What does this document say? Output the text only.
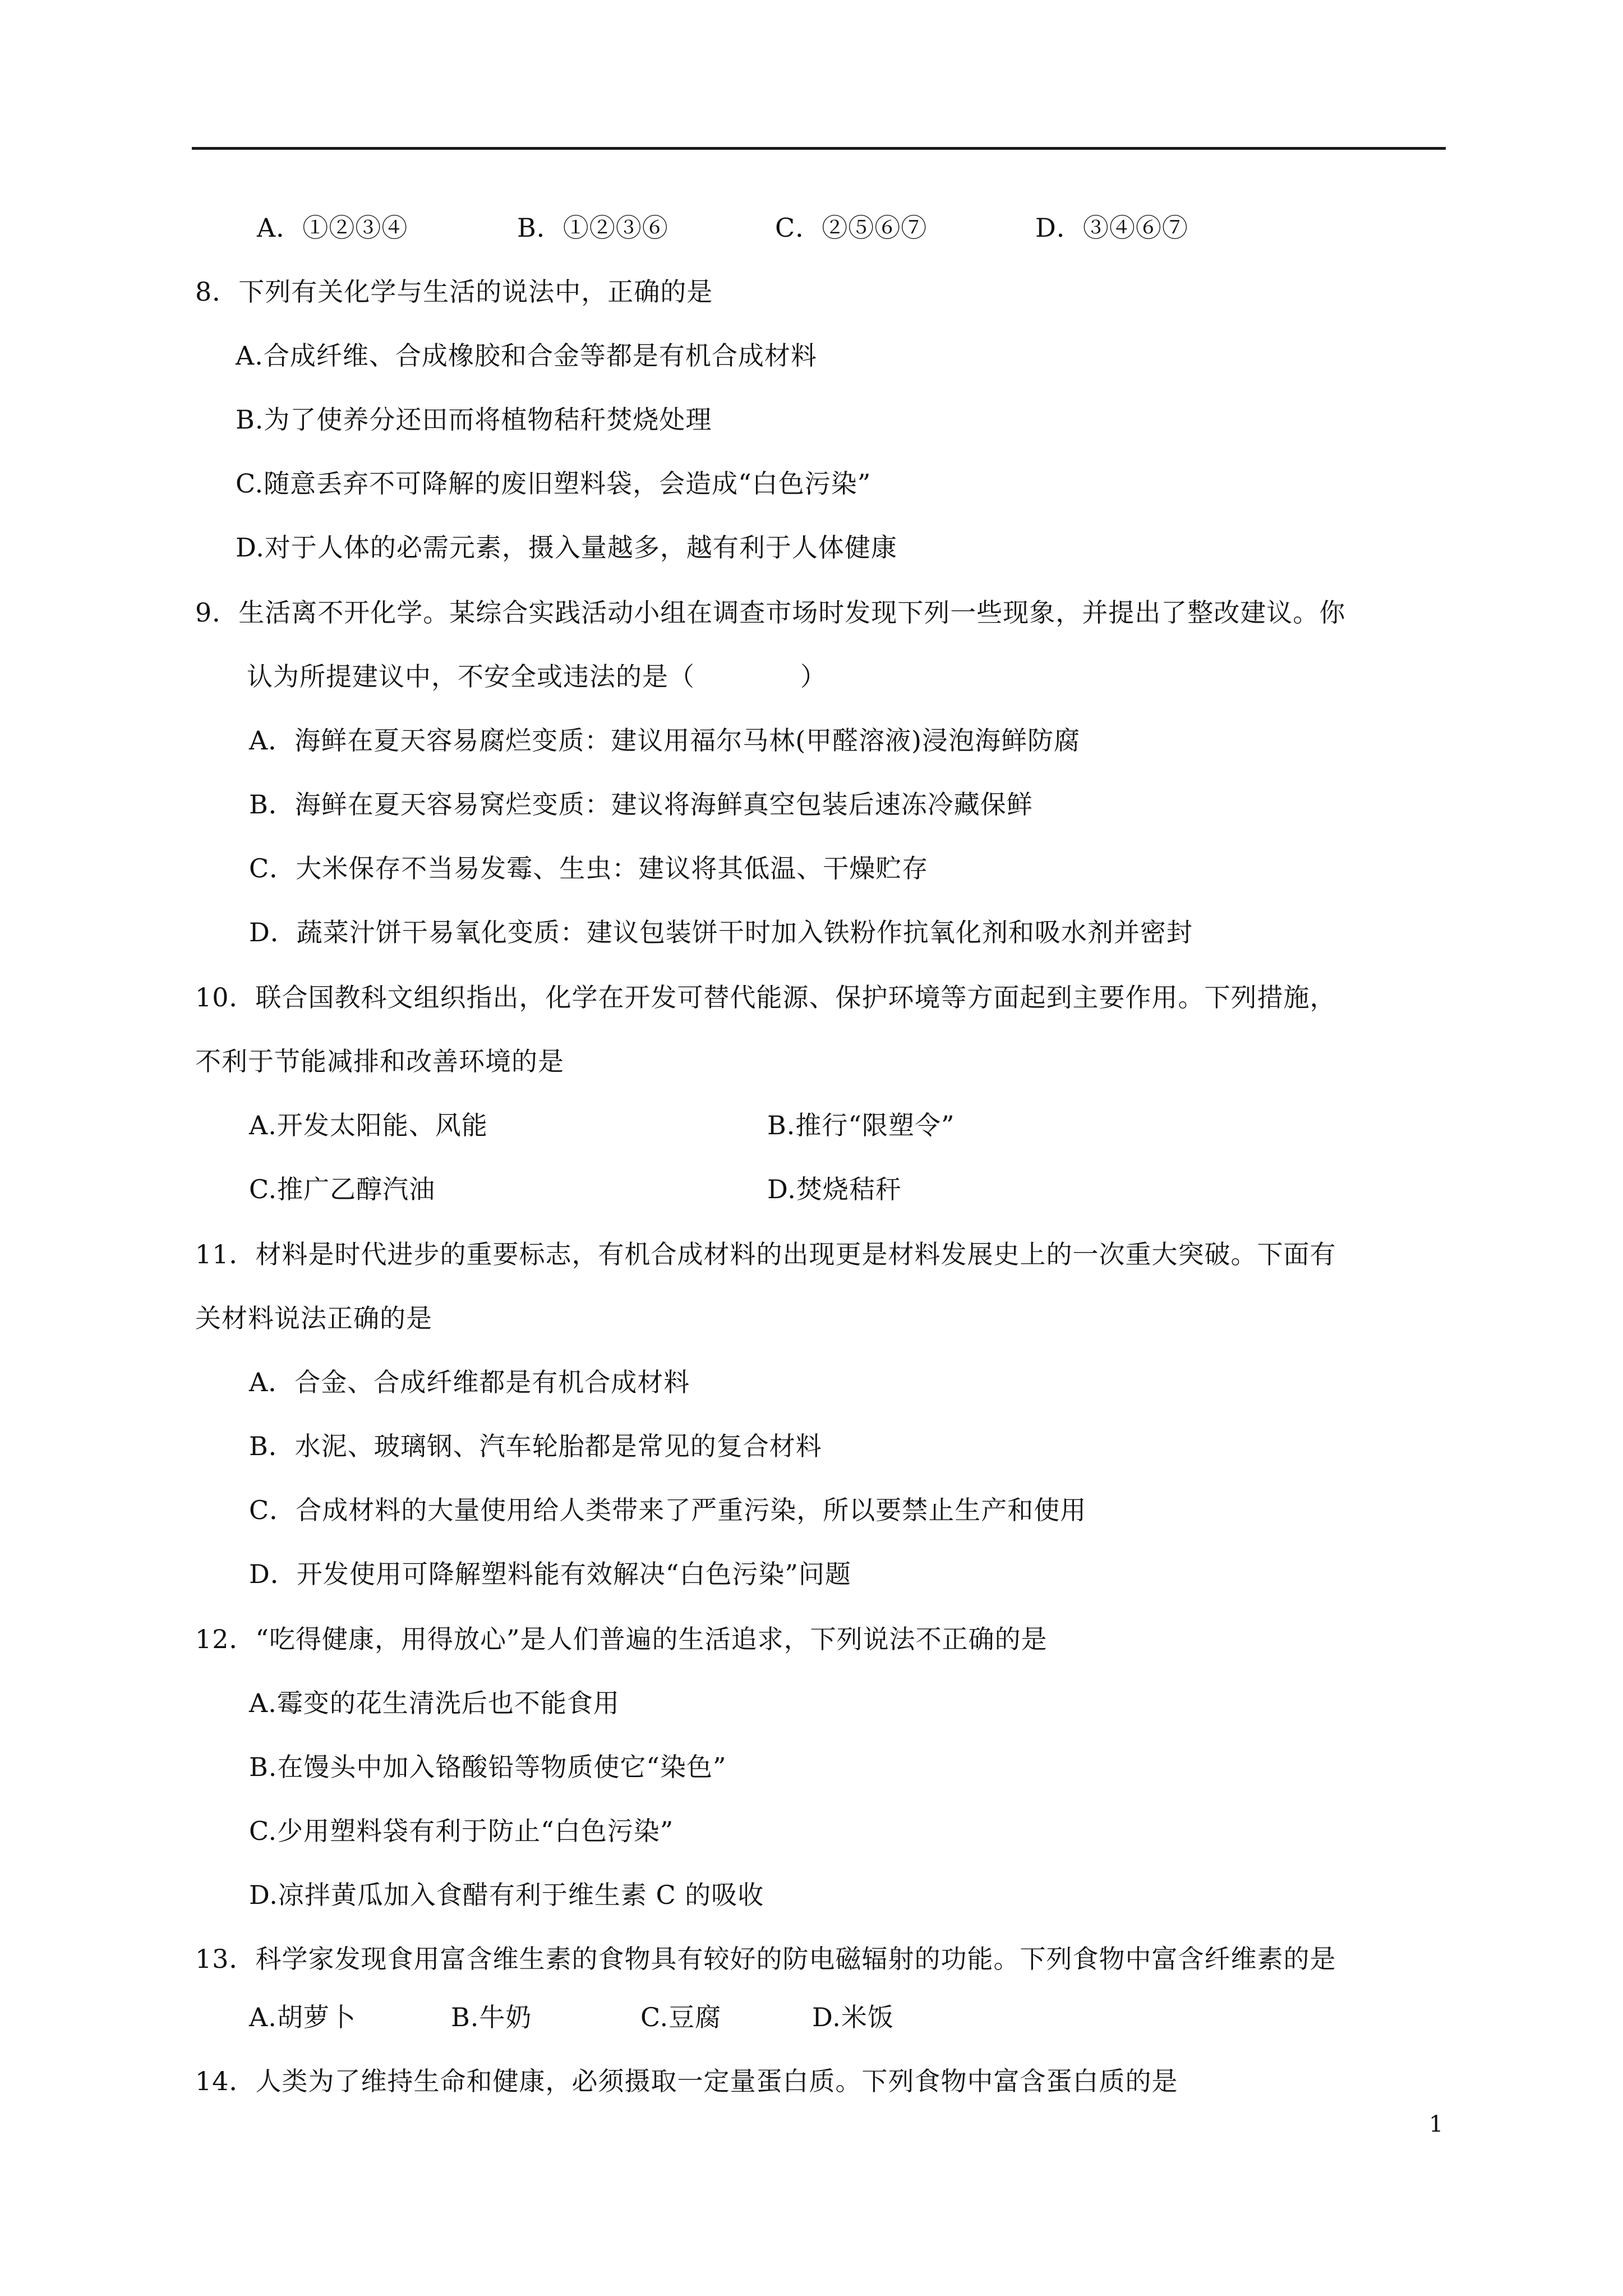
A．①②③④	B．①②③⑥	C．②⑤⑥⑦	D．③④⑥⑦
8．下列有关化学与生活的说法中，正确的是
A.合成纤维、合成橡胶和合金等都是有机合成材料
B.为了使养分还田而将植物秸秆焚烧处理
C.随意丢弃不可降解的废旧塑料袋，会造成“白色污染”
D.对于人体的必需元素，摄入量越多，越有利于人体健康
9．生活离不开化学。某综合实践活动小组在调查市场时发现下列一些现象，并提出了整改建议。你
认为所提建议中，不安全或违法的是（　　　　）
A．海鲜在夏天容易腐烂变质：建议用福尔马林(甲醛溶液)浸泡海鲜防腐
B．海鲜在夏天容易窝烂变质：建议将海鲜真空包装后速冻冷藏保鲜
C．大米保存不当易发霉、生虫：建议将其低温、干燥贮存
D．蔬菜汁饼干易氧化变质：建议包装饼干时加入铁粉作抗氧化剂和吸水剂并密封
10．联合国教科文组织指出，化学在开发可替代能源、保护环境等方面起到主要作用。下列措施，
不利于节能减排和改善环境的是
A.开发太阳能、风能	B.推行“限塑令”
C.推广乙醇汽油	D.焚烧秸秆
11．材料是时代进步的重要标志，有机合成材料的出现更是材料发展史上的一次重大突破。下面有
关材料说法正确的是
A．合金、合成纤维都是有机合成材料
B．水泥、玻璃钢、汽车轮胎都是常见的复合材料
C．合成材料的大量使用给人类带来了严重污染，所以要禁止生产和使用
D．开发使用可降解塑料能有效解决“白色污染”问题
12．“吃得健康，用得放心”是人们普遍的生活追求，下列说法不正确的是
A.霉变的花生清洗后也不能食用
B.在馒头中加入铬酸铅等物质使它“染色”
C.少用塑料袋有利于防止“白色污染”
D.凉拌黄瓜加入食醋有利于维生素 C 的吸收
13．科学家发现食用富含维生素的食物具有较好的防电磁辐射的功能。下列食物中富含纤维素的是
A.胡萝卜	B.牛奶	C.豆腐	D.米饭
14．人类为了维持生命和健康，必须摄取一定量蛋白质。下列食物中富含蛋白质的是
1
